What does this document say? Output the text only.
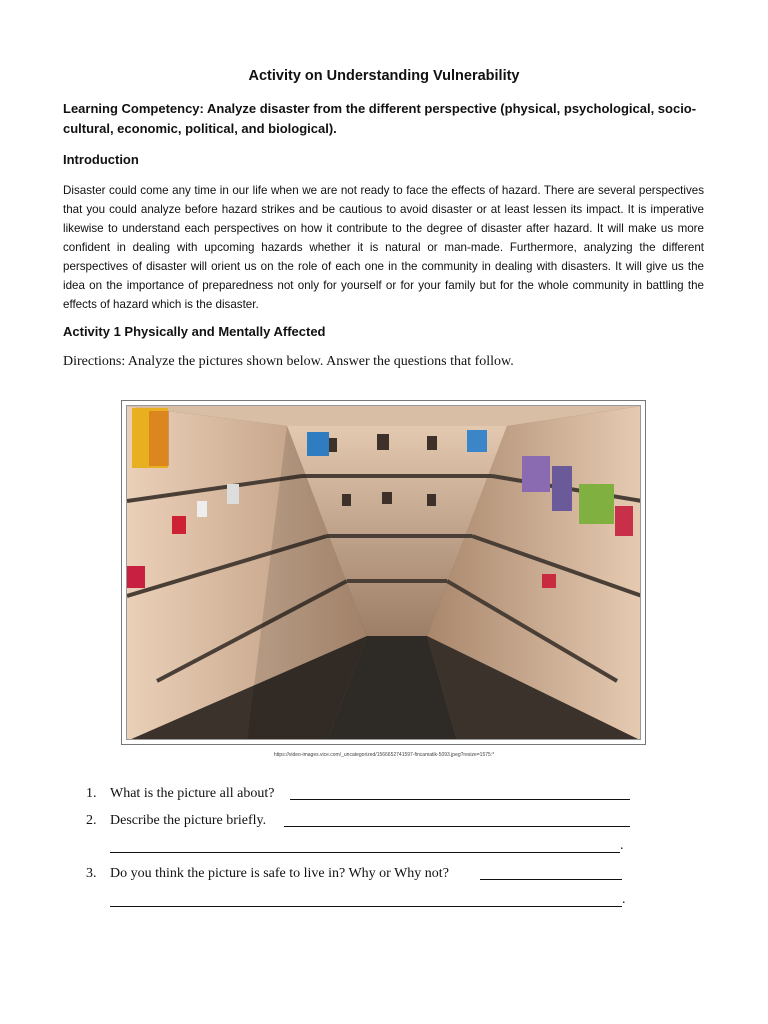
Activity on Understanding Vulnerability
Learning Competency: Analyze disaster from the different perspective (physical, psychological, socio-cultural, economic, political, and biological).
Introduction
Disaster could come any time in our life when we are not ready to face the effects of hazard. There are several perspectives that you could analyze before hazard strikes and be cautious to avoid disaster or at least lessen its impact. It is imperative likewise to understand each perspectives on how it contribute to the degree of disaster after hazard. It will make us more confident in dealing with upcoming hazards whether it is natural or man-made. Furthermore, analyzing the different perspectives of disaster will orient us on the role of each one in the community in dealing with disasters. It will give us the idea on the importance of preparedness not only for yourself or for your family but for the whole community in battling the effects of hazard which is the disaster.
Activity 1 Physically and Mentally Affected
Directions: Analyze the pictures shown below. Answer the questions that follow.
https://video-images.vice.com/_uncategorized/1566652741597-fincamatik-5093.jpeg?resize=1575:*
1. What is the picture all about?
2. Describe the picture briefly.
.
3. Do you think the picture is safe to live in? Why or Why not?
.
